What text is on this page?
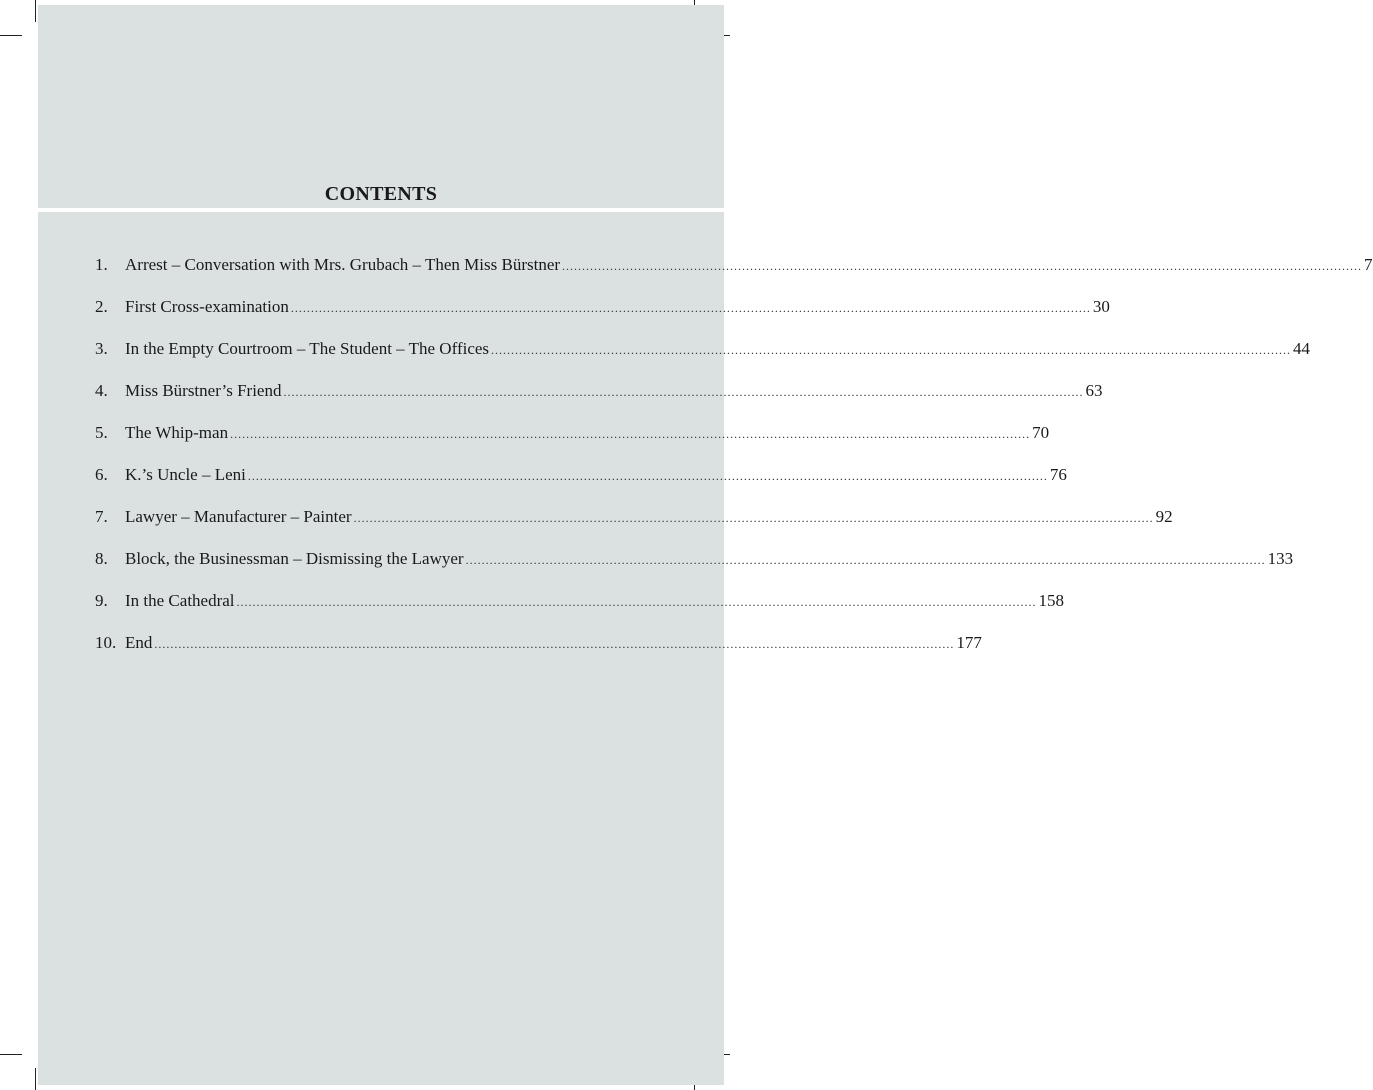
CONTENTS
1.	Arrest – Conversation with Mrs. Grubach – Then Miss Bürstner ........................................................................................................................................................................................................ 7
2.	First Cross-examination ........................................................................................................................................................................................................ 30
3.	In the Empty Courtroom – The Student – The Offices ........................................................................................................................................................................................................ 44
4.	Miss Bürstner’s Friend ........................................................................................................................................................................................................ 63
5.	The Whip-man ........................................................................................................................................................................................................ 70
6.	K.’s Uncle – Leni ........................................................................................................................................................................................................ 76
7.	Lawyer – Manufacturer – Painter ........................................................................................................................................................................................................ 92
8.	Block, the Businessman – Dismissing the Lawyer ........................................................................................................................................................................................................ 133
9.	In the Cathedral ........................................................................................................................................................................................................ 158
10. End ........................................................................................................................................................................................................ 177
